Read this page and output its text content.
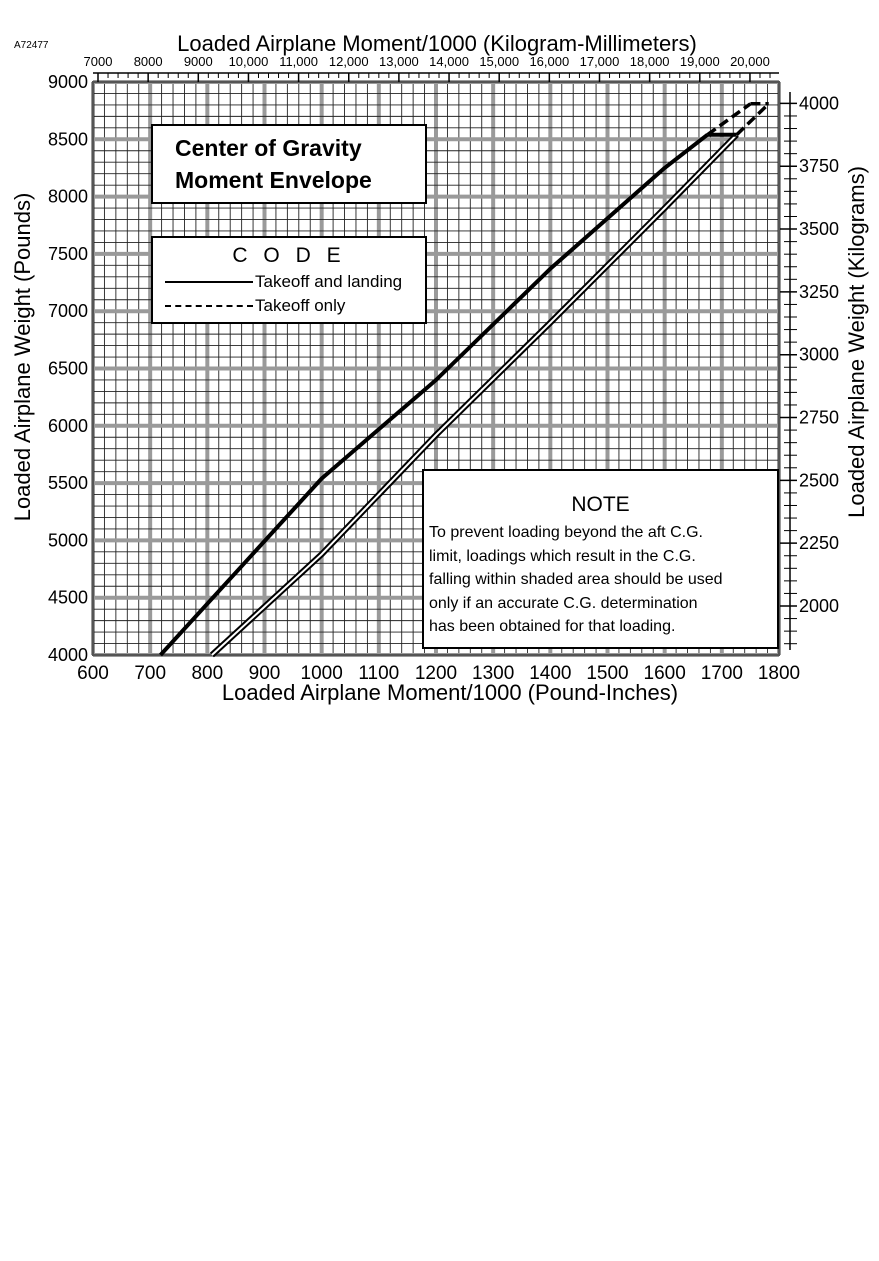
A72477
600 700 800 900 1000 1100 1200 1300 1400 1500 1600 1700 1800
4000
4500
5000
5500
6000
6500
7000
7500
8000
8500
9000
7000 8000 9000 10,000 11,000 12,000 13,000 14,000 15,000 16,000 17,000 18,000 19,000 20,000
2000
2250
2500
2750
3000
3250
3500
3750
4000
Loaded Airplane Moment/1000 (Pound-Inches)
Loaded Airplane Moment/1000 (Kilogram-Millimeters)
Loaded Airplane Weight (Pounds)	Loaded Airplane Weight (Kilograms)
Center of Gravity
Moment Envelope
C O D E
Takeoff and landing
Takeoff only
NOTE
To prevent loading beyond the aft C.G.
limit, loadings which result in the C.G.
falling within shaded area should be used
only if an accurate C.G. determination
has been obtained for that loading.
